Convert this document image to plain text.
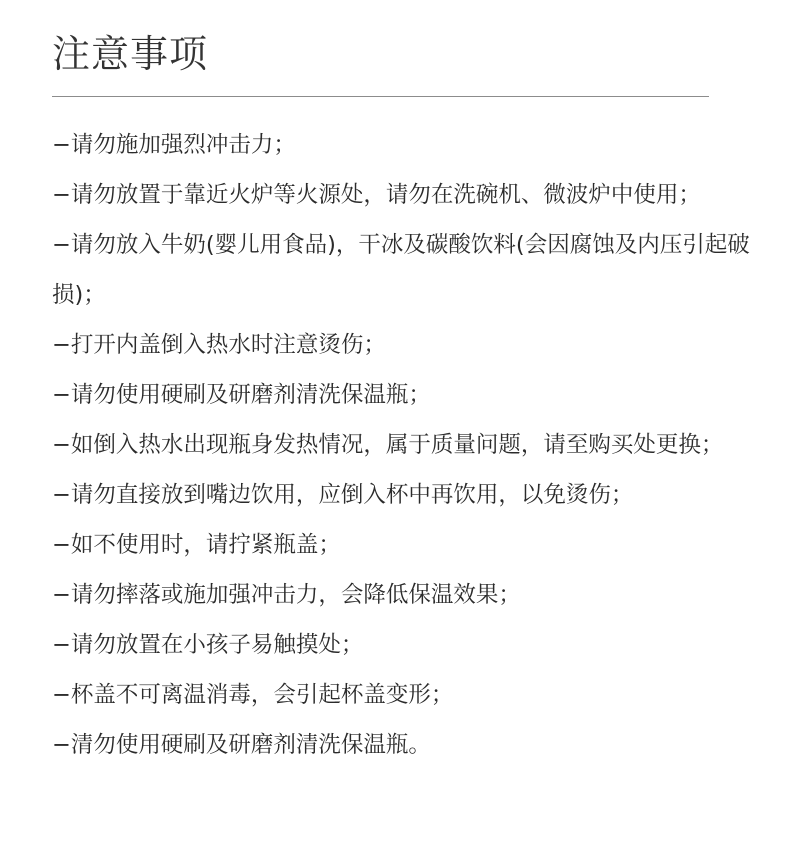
注意事项
−请勿施加强烈冲击力；
−请勿放置于靠近火炉等火源处，请勿在洗碗机、微波炉中使用；
−请勿放入牛奶(婴儿用食品)，干冰及碳酸饮料(会因腐蚀及内压引起破损)；
−打开内盖倒入热水时注意烫伤；
−请勿使用硬刷及研磨剂清洗保温瓶；
−如倒入热水出现瓶身发热情况，属于质量问题，请至购买处更换；
−请勿直接放到嘴边饮用，应倒入杯中再饮用，以免烫伤；
−如不使用时，请拧紧瓶盖；
−请勿摔落或施加强冲击力，会降低保温效果；
−请勿放置在小孩子易触摸处；
−杯盖不可离温消毒，会引起杯盖变形；
−清勿使用硬刷及研磨剂清洗保温瓶。
